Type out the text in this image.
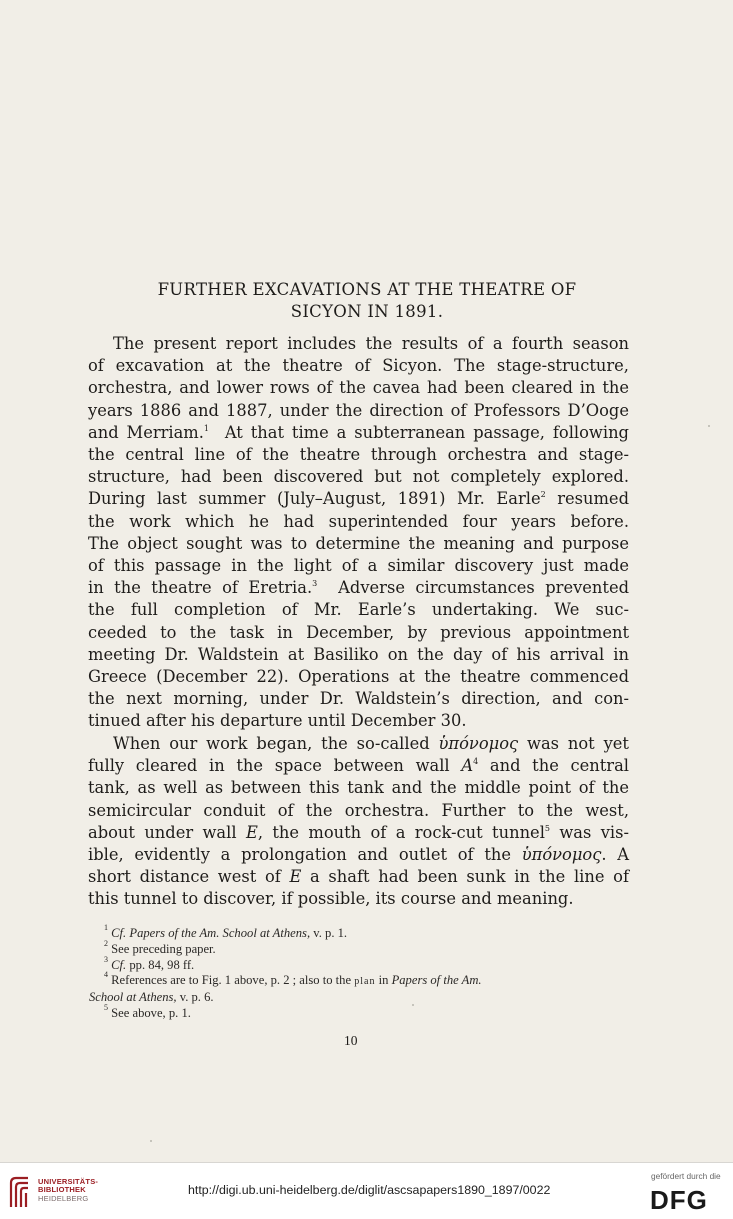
FURTHER EXCAVATIONS AT THE THEATRE OF
SICYON IN 1891.
The present report includes the results of a fourth season
of excavation at the theatre of Sicyon. The stage-structure,
orchestra, and lower rows of the cavea had been cleared in the
years 1886 and 1887, under the direction of Professors D’Ooge
and Merriam.$^1$ At that time a subterranean passage, following
the central line of the theatre through orchestra and stage-
structure, had been discovered but not completely explored.
During last summer (July–August, 1891) Mr. Earle$^2$ resumed
the work which he had superintended four years before.
The object sought was to determine the meaning and purpose
of this passage in the light of a similar discovery just made
in the theatre of Eretria.$^3$ Adverse circumstances prevented
the full completion of Mr. Earle’s undertaking. We suc-
ceeded to the task in December, by previous appointment
meeting Dr. Waldstein at Basiliko on the day of his arrival in
Greece (December 22). Operations at the theatre commenced
the next morning, under Dr. Waldstein’s direction, and con-
tinued after his departure until December 30.
When our work began, the so-called ὑπόνομος was not yet
fully cleared in the space between wall $A^4$ and the central
tank, as well as between this tank and the middle point of the
semicircular conduit of the orchestra. Further to the west,
about under wall E, the mouth of a rock-cut tunnel$^5$ was vis-
ible, evidently a prolongation and outlet of the ὑπόνομος. A
short distance west of E a shaft had been sunk in the line of
this tunnel to discover, if possible, its course and meaning.
$^1$ Cf. Papers of the Am. School at Athens, v. p. 1.
$^2$ See preceding paper.
$^3$ Cf. pp. 84, 98 ff.
$^4$ References are to Fig. 1 above, p. 2 ; also to the plan in Papers of the Am.
School at Athens, v. p. 6.
$^5$ See above, p. 1.
10
UNIVERSITÄTS-
BIBLIOTHEK
HEIDELBERG
http://digi.ub.uni-heidelberg.de/diglit/ascsapapers1890_1897/0022
gefördert durch die
DFG
